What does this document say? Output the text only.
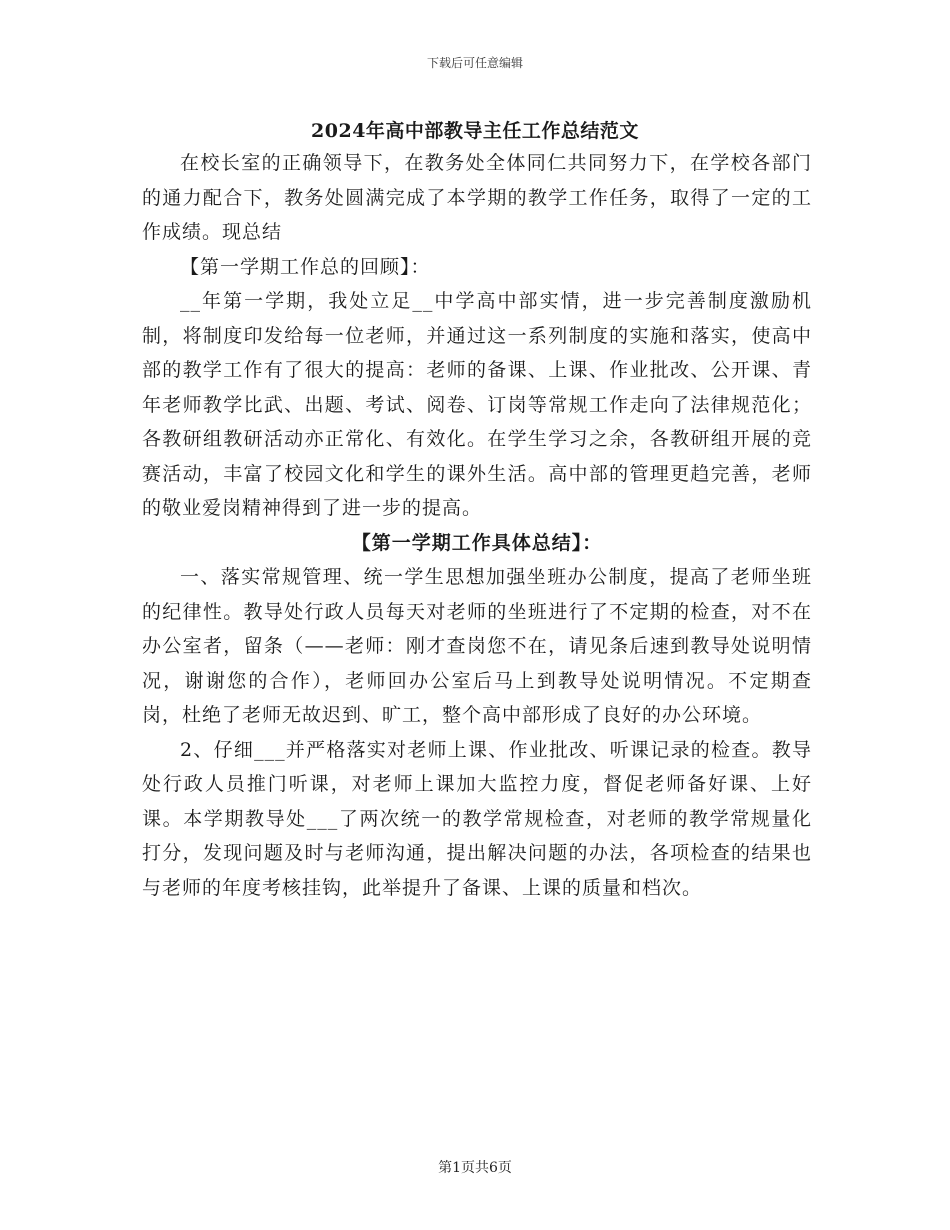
下载后可任意编辑
2024年高中部教导主任工作总结范文

在校长室的正确领导下，在教务处全体同仁共同努力下，在学校各部门的通力配合下，教务处圆满完成了本学期的教学工作任务，取得了一定的工作成绩。现总结

【第一学期工作总的回顾】：

__年第一学期，我处立足__中学高中部实情，进一步完善制度激励机制，将制度印发给每一位老师，并通过这一系列制度的实施和落实，使高中部的教学工作有了很大的提高：老师的备课、上课、作业批改、公开课、青年老师教学比武、出题、考试、阅卷、订岗等常规工作走向了法律规范化；各教研组教研活动亦正常化、有效化。在学生学习之余，各教研组开展的竞赛活动，丰富了校园文化和学生的课外生活。高中部的管理更趋完善，老师的敬业爱岗精神得到了进一步的提高。

【第一学期工作具体总结】：

一、落实常规管理、统一学生思想加强坐班办公制度，提高了老师坐班的纪律性。教导处行政人员每天对老师的坐班进行了不定期的检查，对不在办公室者，留条（——老师：刚才查岗您不在，请见条后速到教导处说明情况，谢谢您的合作），老师回办公室后马上到教导处说明情况。不定期查岗，杜绝了老师无故迟到、旷工，整个高中部形成了良好的办公环境。

2、仔细___并严格落实对老师上课、作业批改、听课记录的检查。教导处行政人员推门听课，对老师上课加大监控力度，督促老师备好课、上好课。本学期教导处___了两次统一的教学常规检查，对老师的教学常规量化打分，发现问题及时与老师沟通，提出解决问题的办法，各项检查的结果也与老师的年度考核挂钩，此举提升了备课、上课的质量和档次。

第1页共6页
